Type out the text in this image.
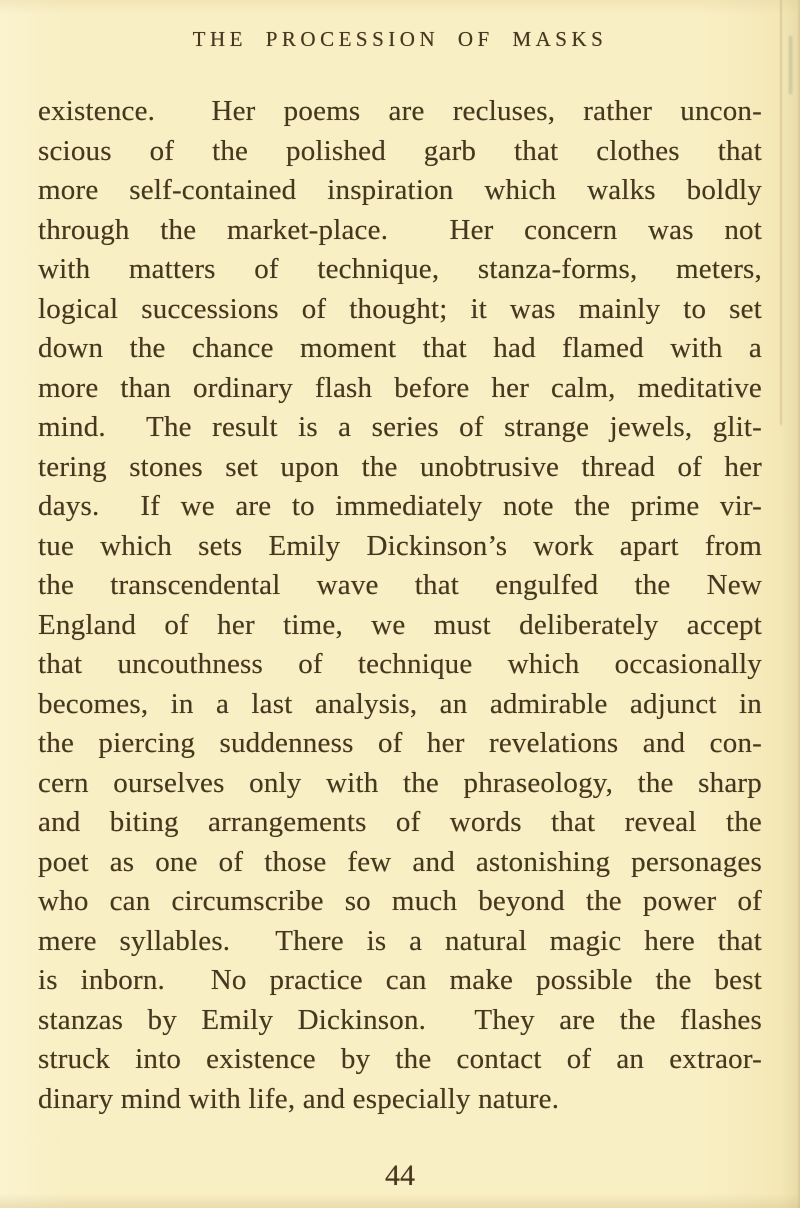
THE PROCESSION OF MASKS
existence.  Her poems are recluses, rather uncon-
scious of the polished garb that clothes that
more self-contained inspiration which walks boldly
through the market-place.  Her concern was not
with matters of technique, stanza-forms, meters,
logical successions of thought; it was mainly to set
down the chance moment that had flamed with a
more than ordinary flash before her calm, meditative
mind.  The result is a series of strange jewels, glit-
tering stones set upon the unobtrusive thread of her
days.  If we are to immediately note the prime vir-
tue which sets Emily Dickinson’s work apart from
the transcendental wave that engulfed the New
England of her time, we must deliberately accept
that uncouthness of technique which occasionally
becomes, in a last analysis, an admirable adjunct in
the piercing suddenness of her revelations and con-
cern ourselves only with the phraseology, the sharp
and biting arrangements of words that reveal the
poet as one of those few and astonishing personages
who can circumscribe so much beyond the power of
mere syllables.  There is a natural magic here that
is inborn.  No practice can make possible the best
stanzas by Emily Dickinson.  They are the flashes
struck into existence by the contact of an extraor-
dinary mind with life, and especially nature.
44
